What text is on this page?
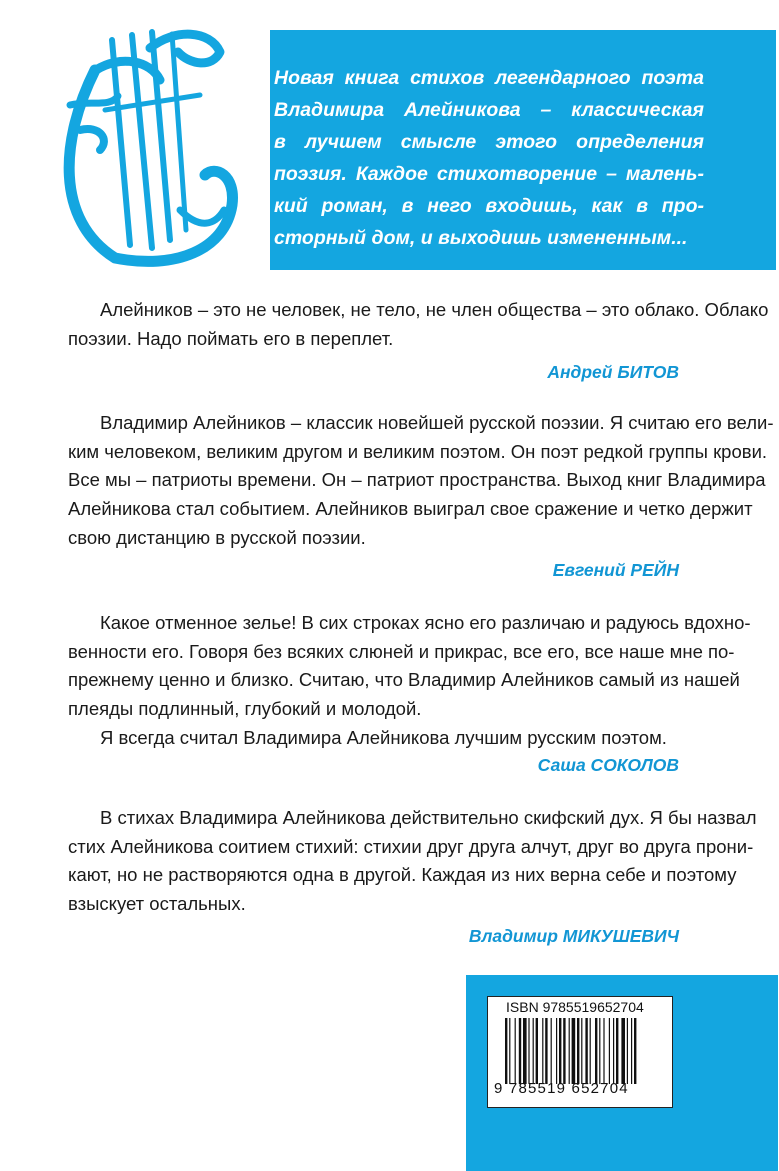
Новая книга стихов легендарного поэта
Владимира Алейникова – классическая
в лучшем смысле этого определения
поэзия. Каждое стихотворение – малень-
кий роман, в него входишь, как в про-
сторный дом, и выходишь измененным...
Алейников – это не человек, не тело, не член общества – это облако. Облако
поэзии. Надо поймать его в переплет.
Андрей БИТОВ
Владимир Алейников – классик новейшей русской поэзии. Я считаю его вели-
ким человеком, великим другом и великим поэтом. Он поэт редкой группы крови.
Все мы – патриоты времени. Он – патриот пространства. Выход книг Владимира
Алейникова стал событием. Алейников выиграл свое сражение и четко держит
свою дистанцию в русской поэзии.
Евгений РЕЙН
Какое отменное зелье! В сих строках ясно его различаю и радуюсь вдохно-
венности его. Говоря без всяких слюней и прикрас, все его, все наше мне по-
прежнему ценно и близко. Считаю, что Владимир Алейников самый из нашей
плеяды подлинный, глубокий и молодой.
Я всегда считал Владимира Алейникова лучшим русским поэтом.
Саша СОКОЛОВ
В стихах Владимира Алейникова действительно скифский дух. Я бы назвал
стих Алейникова соитием стихий: стихии друг друга алчут, друг во друга прони-
кают, но не растворяются одна в другой. Каждая из них верна себе и поэтому
взыскует остальных.
Владимир МИКУШЕВИЧ
ISBN 9785519652704
9 785519 652704
